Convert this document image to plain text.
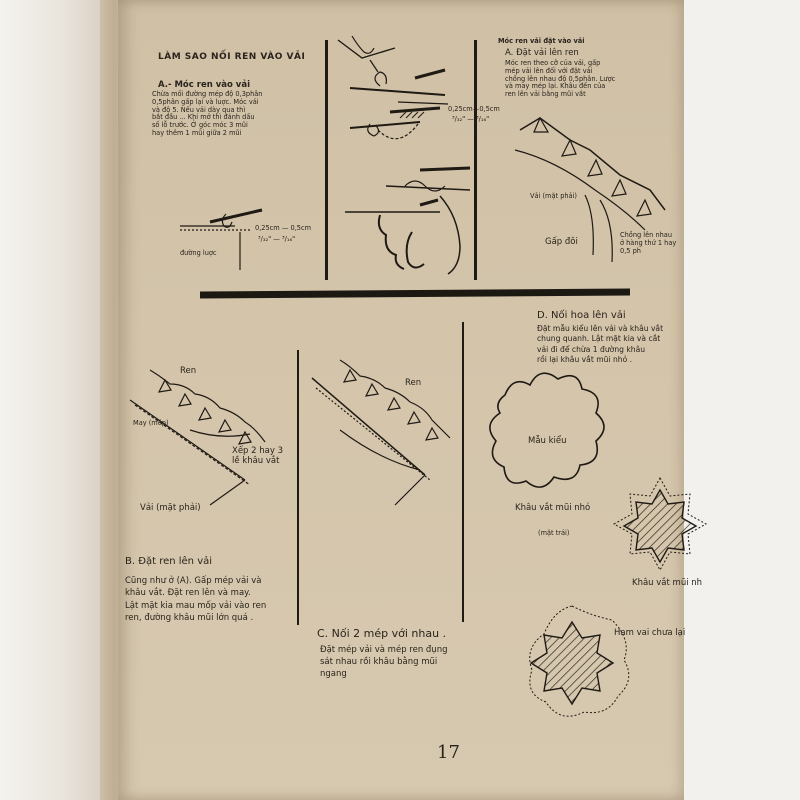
LÀM SAO NỐI REN VÀO VẢI
A.- Móc ren vào vải
Chừa mối đường mép độ 0,3phân
0,5phân gấp lại và luợc. Móc vải
và độ 5. Nếu vải dày qua thì
bắt đầu ... Khi mở thì đánh dấu
số lỗ trước. Ở góc móc 3 mũi
hay thêm 1 mũi giữa 2 mũi
0,25cm — 0,5cm
³/₃₂" — ³/₁₆"
đường luợc
0,25cm—0,5cm
³/₃₂" — ³/₁₆"
Móc ren vải đặt vào vải
A. Đặt vải lên ren
Móc ren theo cỡ của vải, gấp
mép vải lên đối với đặt vải
chồng lên nhau độ 0,5phân. Lược
và may mép lại. Khâu đến của
ren lên vải bằng mũi vắt
Vải (mặt phải)
Gấp đôi
Chồng lên nhau
ở hàng thứ 1 hay
0,5 ph
Ren
May (mép)
Xếp 2 hay 3
lề khâu vắt
Vải (mặt phải)
B. Đặt ren lên vải
Cũng như ở (A). Gấp mép vải và
khâu vắt. Đặt ren lên và may.
Lật mặt kia mau mốp vải vào ren
ren, đường khâu mũi lớn quá .
Ren
C. Nối 2 mép với nhau .
Đặt mép vải và mép ren đụng
sát nhau rồi khâu bằng mũi
ngang
D. Nối hoa lên vải
Đặt mẫu kiểu lên vải và khâu vắt
chung quanh. Lật mặt kia và cắt
vải đi để chừa 1 đường khâu
rồi lại khâu vắt mũi nhỏ .
Mẫu kiểu
Khâu vắt mũi nhỏ
(mặt trái)
Khâu vắt mũi nh
Ham vai chưa lại
17
